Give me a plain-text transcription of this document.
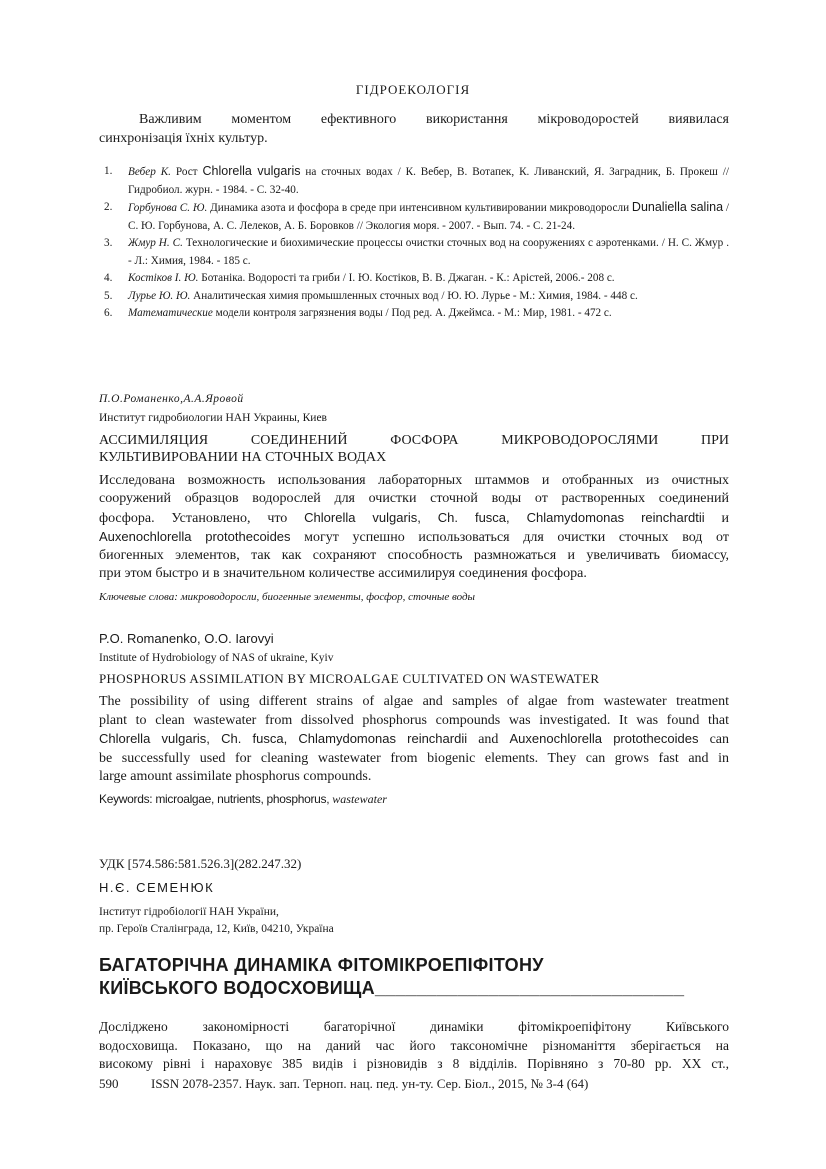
ГІДРОЕКОЛОГІЯ
Важливим моментом ефективного використання мікроводоростей виявилася
синхронізація їхніх культур.
1. Вебер К. Рост Chlorella vulgaris на сточных водах / К. Вебер, В. Вотапек, К. Ливанский, Я. Заградник, Б. Прокеш // Гидробиол. журн. - 1984. - С. 32-40.
2. Горбунова С. Ю. Динамика азота и фосфора в среде при интенсивном культивировании микроводоросли Dunaliella salina / С. Ю. Горбунова, А. С. Лелеков, А. Б. Боровков // Экология моря. - 2007. - Вып. 74. - С. 21-24.
3. Жмур Н. С. Технологические и биохимические процессы очистки сточных вод на сооружениях с аэротенками. / Н. С. Жмур . - Л.: Химия, 1984. - 185 с.
4. Костіков І. Ю. Ботаніка. Водорості та гриби / І. Ю. Костіков, В. В. Джаган. - К.: Арістей, 2006.- 208 с.
5. Лурье Ю. Ю. Аналитическая химия промышленных сточных вод / Ю. Ю. Лурье - М.: Химия, 1984. - 448 с.
6. Математические модели контроля загрязнения воды / Под ред. А. Джеймса. - М.: Мир, 1981. - 472 с.
П.О.Романенко,А.А.Яровой
Институт гидробиологии НАН Украины, Киев
АССИМИЛЯЦИЯ СОЕДИНЕНИЙ ФОСФОРА МИКРОВОДОРОСЛЯМИ ПРИ
КУЛЬТИВИРОВАНИИ НА СТОЧНЫХ ВОДАХ
Исследована возможность использования лабораторных штаммов и отобранных из очистных
сооружений образцов водорослей для очистки сточной воды от растворенных соединений
фосфора. Установлено, что Chlorella vulgaris, Ch. fusca, Chlamydomonas reinchardtii и
Auxenochlorella protothecoides могут успешно использоваться для очистки сточных вод от
биогенных элементов, так как сохраняют способность размножаться и увеличивать биомассу,
при этом быстро и в значительном количестве ассимилируя соединения фосфора.
Ключевые слова: микроводоросли, биогенные элементы, фосфор, сточные воды
P.O. Romanenko, O.O. Iarovyi
Institute of Hydrobiology of NAS of ukraine, Kyiv
PHOSPHORUS ASSIMILATION BY MICROALGAE CULTIVATED ON WASTEWATER
The possibility of using different strains of algae and samples of algae from wastewater treatment
plant to clean wastewater from dissolved phosphorus compounds was investigated. It was found that
Chlorella vulgaris, Ch. fusca, Chlamydomonas reinchardii and Auxenochlorella protothecoides can
be successfully used for cleaning wastewater from biogenic elements. They can grows fast and in
large amount assimilate phosphorus compounds.
Keywords: microalgae, nutrients, phosphorus, wastewater
УДК [574.586:581.526.3](282.247.32)
Н.Є. СЕМЕНЮК
Інститут гідробіології НАН України,
пр. Героїв Сталінграда, 12, Київ, 04210, Україна
БАГАТОРІЧНА ДИНАМІКА ФІТОМІКРОЕПІФІТОНУ
КИЇВСЬКОГО ВОДОСХОВИЩА______________________________
Досліджено закономірності багаторічної динаміки фітомікроепіфітону Київського
водосховища. Показано, що на даний час його таксономічне різноманіття зберігається на
високому рівні і нараховує 385 видів і різновидів з 8 відділів. Порівняно з 70-80 рр. ХХ ст.,
590	ISSN 2078-2357. Наук. зап. Терноп. нац. пед. ун-ту. Сер. Біол., 2015, № 3-4 (64)
